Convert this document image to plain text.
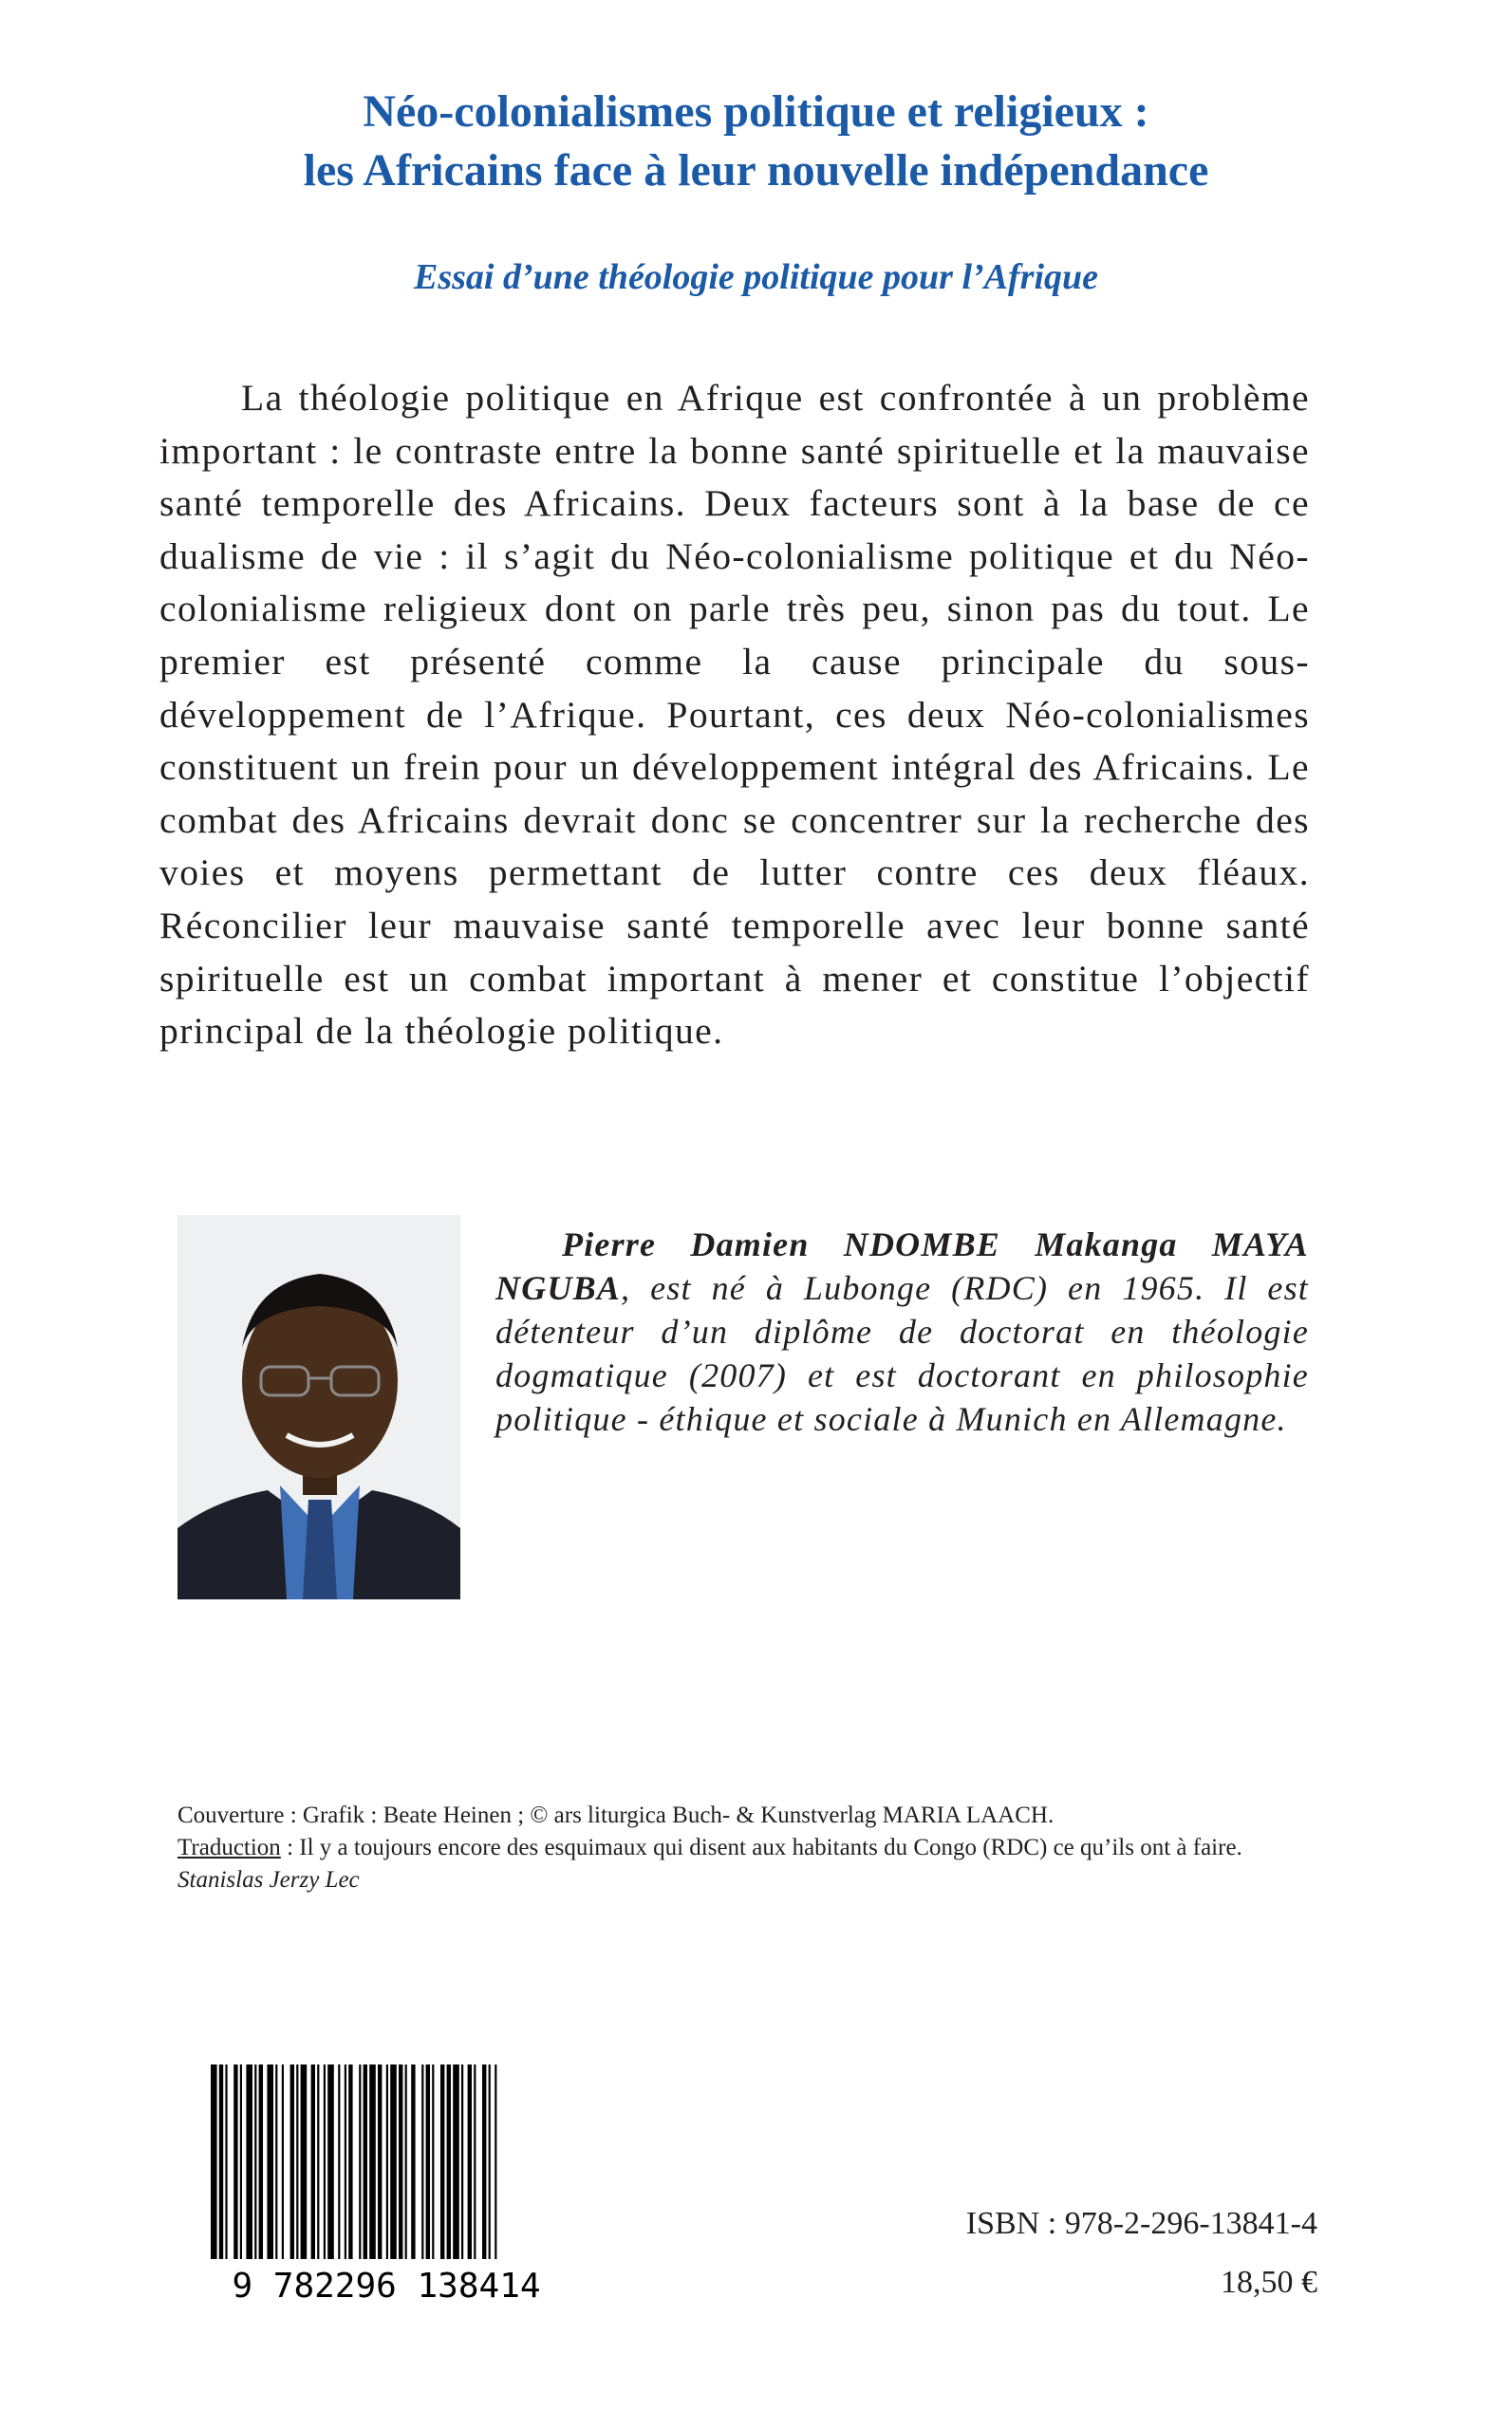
Néo-colonialismes politique et religieux :
les Africains face à leur nouvelle indépendance
Essai d’une théologie politique pour l’Afrique

La théologie politique en Afrique est confrontée à un problème important : le contraste entre la bonne santé spirituelle et la mauvaise santé temporelle des Africains. Deux facteurs sont à la base de ce dualisme de vie : il s’agit du Néo-colonialisme politique et du Néo-colonialisme religieux dont on parle très peu, sinon pas du tout. Le premier est présenté comme la cause principale du sous-développement de l’Afrique. Pourtant, ces deux Néo-colonialismes constituent un frein pour un développement intégral des Africains. Le combat des Africains devrait donc se concentrer sur la recherche des voies et moyens permettant de lutter contre ces deux fléaux. Réconcilier leur mauvaise santé temporelle avec leur bonne santé spirituelle est un combat important à mener et constitue l’objectif principal de la théologie politique.

Pierre Damien NDOMBE Makanga MAYA NGUBA, est né à Lubonge (RDC) en 1965. Il est détenteur d’un diplôme de doctorat en théologie dogmatique (2007) et est doctorant en philosophie politique - éthique et sociale à Munich en Allemagne.

Couverture : Grafik : Beate Heinen ; © ars liturgica Buch- & Kunstverlag MARIA LAACH.
Traduction : Il y a toujours encore des esquimaux qui disent aux habitants du Congo (RDC) ce qu’ils ont à faire. Stanislas Jerzy Lec

9 782296 138414

ISBN : 978-2-296-13841-4

18,50 €
